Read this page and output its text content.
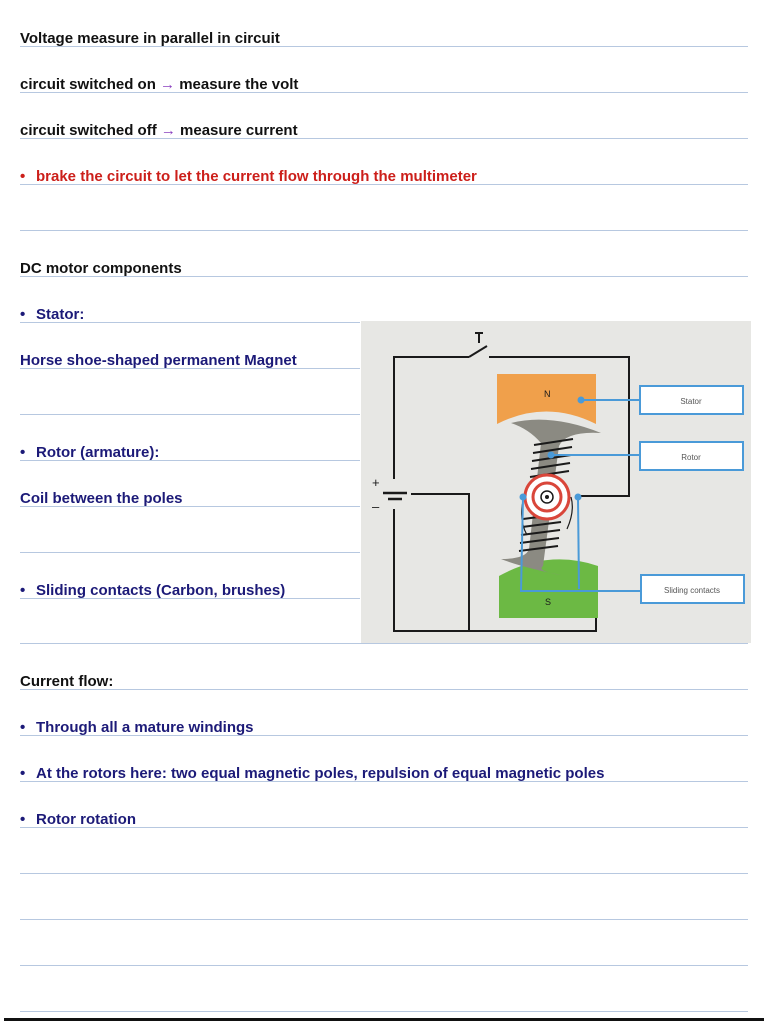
Voltage measure in parallel in circuit
circuit switched on → measure the volt
circuit switched off → measure current
• brake the circuit to let the current flow through the multimeter
DC motor components
• Stator:
Horse shoe-shaped permanent Magnet
• Rotor (armature):
Coil between the poles
• Sliding contacts (Carbon, brushes)
Current flow:
• Through all a mature windings
• At the rotors here: two equal magnetic poles, repulsion of equal magnetic poles
• Rotor rotation
+
–
N
S
Stator
Rotor
Sliding contacts
